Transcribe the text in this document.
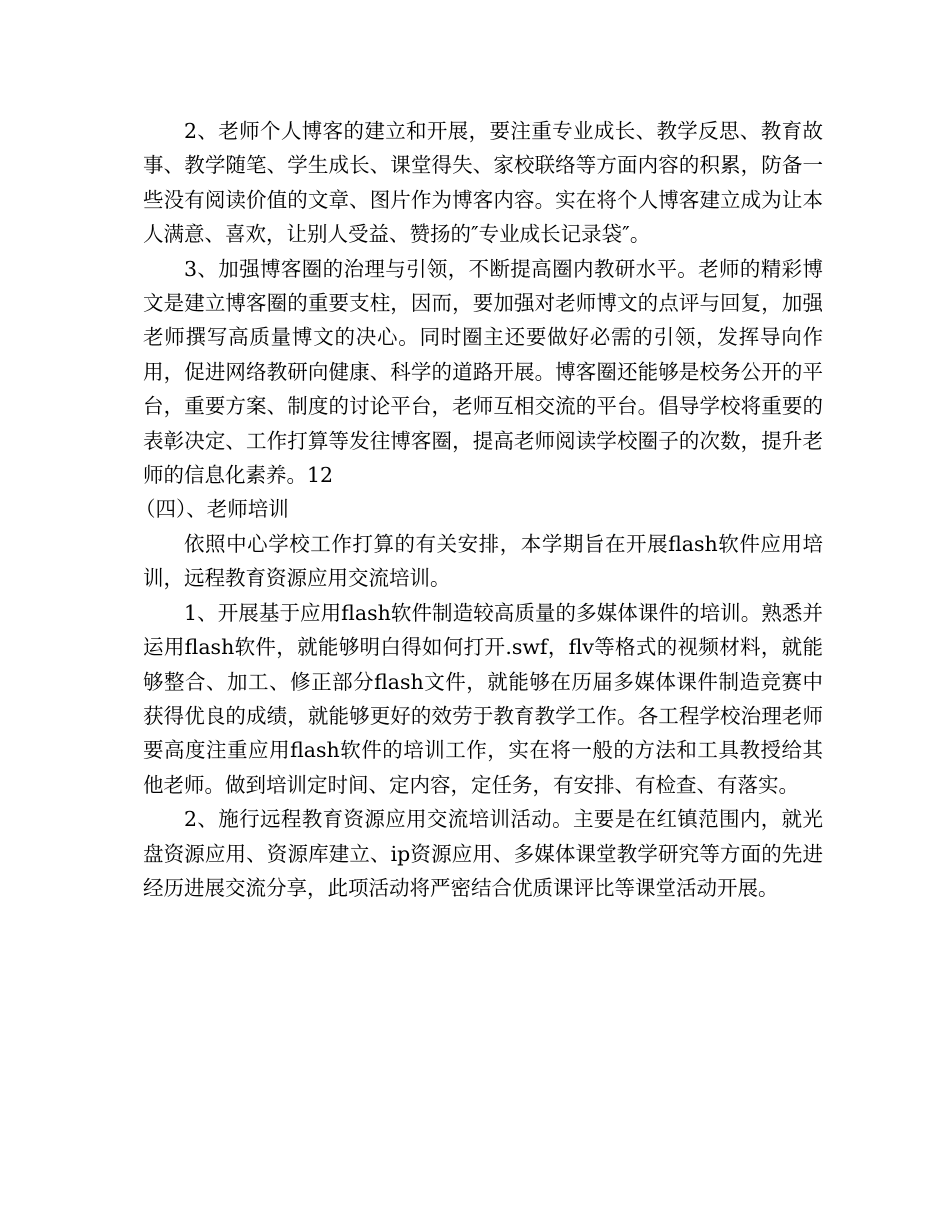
2、老师个人博客的建立和开展，要注重专业成长、教学反思、教育故事、教学随笔、学生成长、课堂得失、家校联络等方面内容的积累，防备一些没有阅读价值的文章、图片作为博客内容。实在将个人博客建立成为让本人满意、喜欢，让别人受益、赞扬的″专业成长记录袋″。

3、加强博客圈的治理与引领，不断提高圈内教研水平。老师的精彩博文是建立博客圈的重要支柱，因而，要加强对老师博文的点评与回复，加强老师撰写高质量博文的决心。同时圈主还要做好必需的引领，发挥导向作用，促进网络教研向健康、科学的道路开展。博客圈还能够是校务公开的平台，重要方案、制度的讨论平台，老师互相交流的平台。倡导学校将重要的表彰决定、工作打算等发往博客圈，提高老师阅读学校圈子的次数，提升老师的信息化素养。12

（四）、老师培训

依照中心学校工作打算的有关安排，本学期旨在开展flash软件应用培训，远程教育资源应用交流培训。

1、开展基于应用flash软件制造较高质量的多媒体课件的培训。熟悉并运用flash软件，就能够明白得如何打开.swf，flv等格式的视频材料，就能够整合、加工、修正部分flash文件，就能够在历届多媒体课件制造竞赛中获得优良的成绩，就能够更好的效劳于教育教学工作。各工程学校治理老师要高度注重应用flash软件的培训工作，实在将一般的方法和工具教授给其他老师。做到培训定时间、定内容，定任务，有安排、有检查、有落实。

2、施行远程教育资源应用交流培训活动。主要是在红镇范围内，就光盘资源应用、资源库建立、ip资源应用、多媒体课堂教学研究等方面的先进经历进展交流分享，此项活动将严密结合优质课评比等课堂活动开展。
